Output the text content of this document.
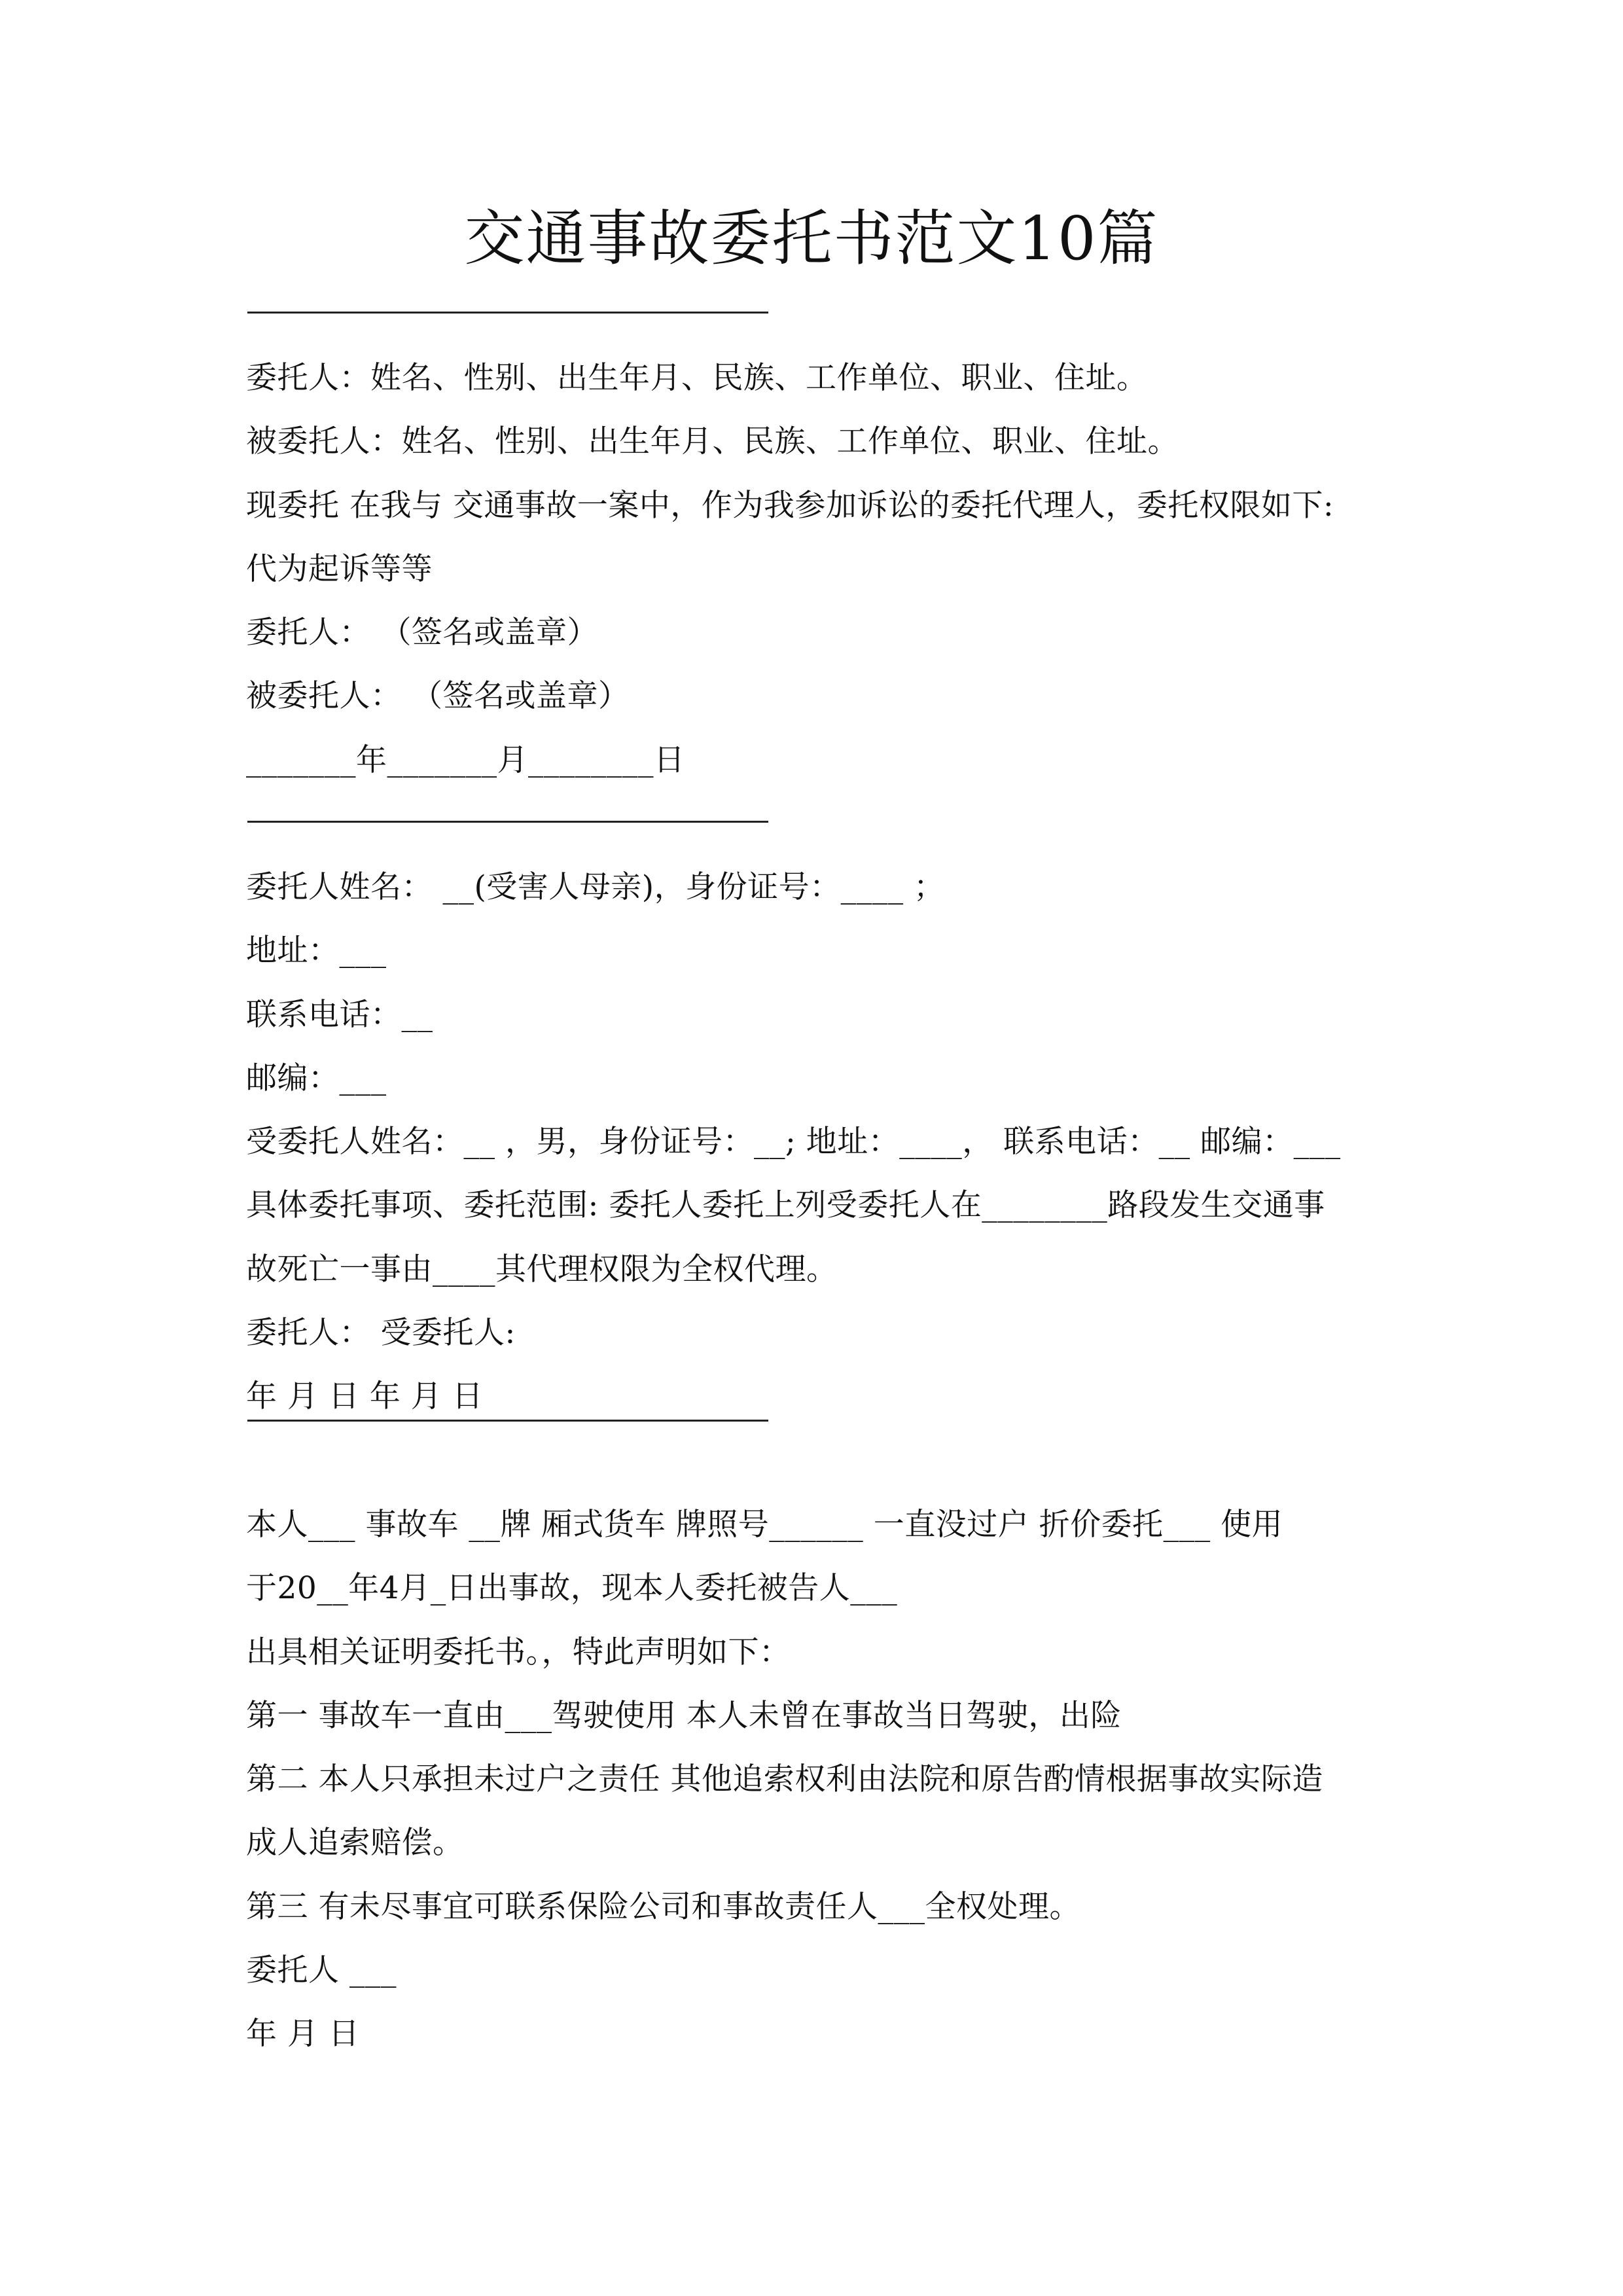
交通事故委托书范文10篇
委托人：姓名、性别、出生年月、民族、工作单位、职业、住址。
被委托人：姓名、性别、出生年月、民族、工作单位、职业、住址。
现委托 在我与 交通事故一案中，作为我参加诉讼的委托代理人，委托权限如下:
代为起诉等等
委托人： （签名或盖章）
被委托人： （签名或盖章）
_______年_______月________日
委托人姓名： __(受害人母亲)，身份证号：____ ；
地址：___
联系电话：__
邮编：___
受委托人姓名：__ ，男，身份证号：__; 地址：____， 联系电话：__ 邮编：___
具体委托事项、委托范围: 委托人委托上列受委托人在________路段发生交通事
故死亡一事由____其代理权限为全权代理。
委托人： 受委托人:
年 月 日 年 月 日
本人___ 事故车 __牌 厢式货车 牌照号______ 一直没过户 折价委托___ 使用
于20__年4月_日出事故，现本人委托被告人___
出具相关证明委托书。，特此声明如下：
第一 事故车一直由___驾驶使用 本人未曾在事故当日驾驶，出险
第二 本人只承担未过户之责任 其他追索权利由法院和原告酌情根据事故实际造
成人追索赔偿。
第三 有未尽事宜可联系保险公司和事故责任人___全权处理。
委托人 ___
年 月 日
